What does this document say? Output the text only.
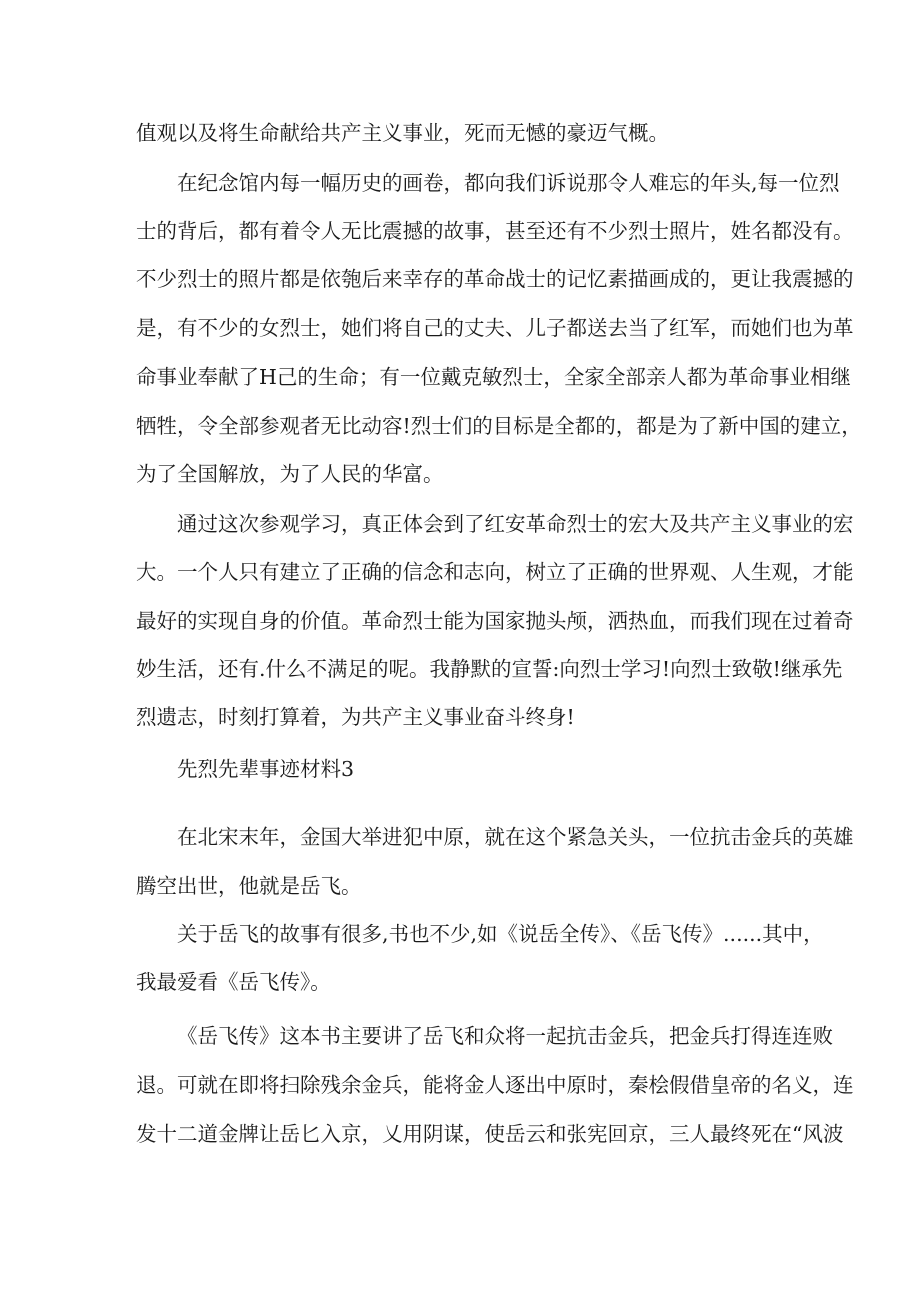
值观以及将生命献给共产主义事业，死而无憾的豪迈气概。
在纪念馆内每一幅历史的画卷，都向我们诉说那令人难忘的年头,每一位烈
士的背后，都有着令人无比震撼的故事，甚至还有不少烈士照片，姓名都没有。
不少烈士的照片都是依匏后来幸存的革命战士的记忆素描画成的，更让我震撼的
是，有不少的女烈士，她们将自己的丈夫、儿子都送去当了红军，而她们也为革
命事业奉献了H己的生命；有一位戴克敏烈士，全家全部亲人都为革命事业相继
牺牲，令全部参观者无比动容!烈士们的目标是全都的，都是为了新中国的建立，
为了全国解放，为了人民的华富。
通过这次参观学习，真正体会到了红安革命烈士的宏大及共产主义事业的宏
大。一个人只有建立了正确的信念和志向，树立了正确的世界观、人生观，才能
最好的实现自身的价值。革命烈士能为国家抛头颅，洒热血，而我们现在过着奇
妙生活，还有.什么不满足的呢。我静默的宣誓:向烈士学习!向烈士致敬!继承先
烈遗志，时刻打算着，为共产主义事业奋斗终身!
先烈先辈事迹材料3
在北宋末年，金国大举进犯中原，就在这个紧急关头，一位抗击金兵的英雄
腾空出世，他就是岳飞。
关于岳飞的故事有很多,书也不少,如《说岳全传》、《岳飞传》......其中，
我最爱看《岳飞传》。
《岳飞传》这本书主要讲了岳飞和众将一起抗击金兵，把金兵打得连连败
退。可就在即将扫除残余金兵，能将金人逐出中原时，秦桧假借皇帝的名义，连
发十二道金牌让岳匕入京，乂用阴谋，使岳云和张宪回京，三人最终死在“风波
